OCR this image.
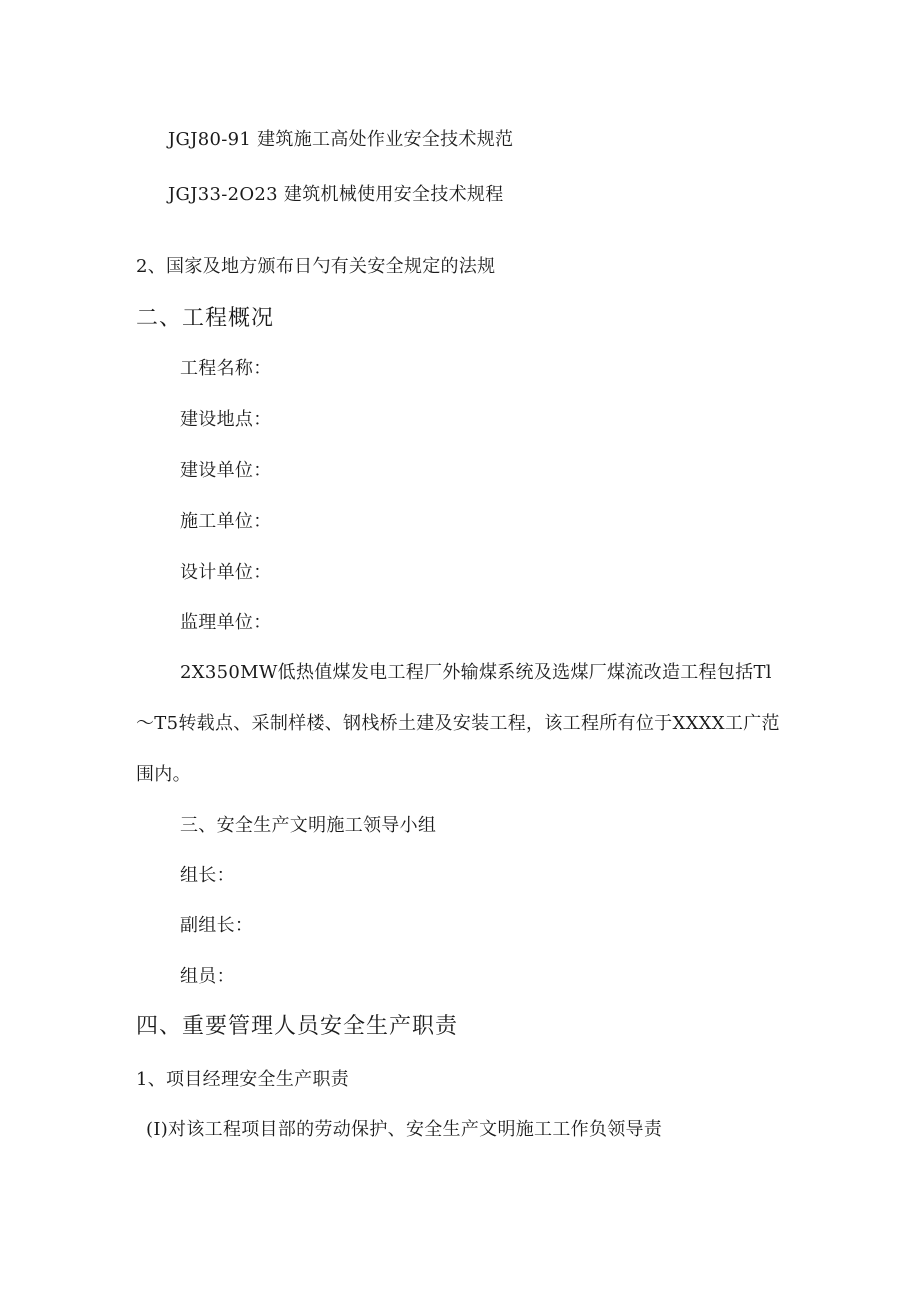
JGJ80-91 建筑施工高处作业安全技术规范
JGJ33-2O23 建筑机械使用安全技术规程
2、国家及地方颁布日勺有关安全规定的法规
二、工程概况
工程名称：
建设地点：
建设单位：
施工单位：
设计单位：
监理单位：
2X350MW低热值煤发电工程厂外输煤系统及选煤厂煤流改造工程包括Tl～T5转载点、采制样楼、钢栈桥土建及安装工程，该工程所有位于XXXX工广范围内。
三、安全生产文明施工领导小组
组长：
副组长：
组员：
四、重要管理人员安全生产职责
1、项目经理安全生产职责
(I)对该工程项目部的劳动保护、安全生产文明施工工作负领导责
